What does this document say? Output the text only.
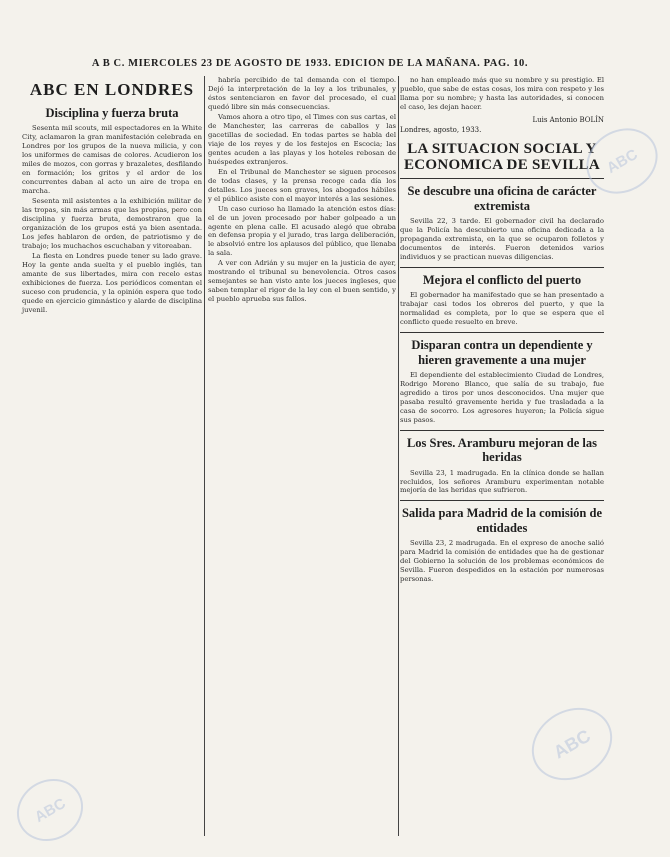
A B C. MIERCOLES 23 DE AGOSTO DE 1933. EDICION DE LA MAÑANA. PAG. 10.
ABC EN LONDRES
Disciplina y fuerza bruta

Sesenta mil scouts, mil espectadores en la White City, aclamaron la gran manifestación celebrada en Londres por los grupos de la nueva milicia, y con los uniformes de camisas de colores. Acudieron los miles de mozos, con gorras y brazaletes, desfilando en formación; los gritos y el ardor de los concurrentes daban al acto un aire de tropa en marcha.

Sesenta mil asistentes a la exhibición militar de las tropas, sin más armas que las propias, pero con disciplina y fuerza bruta, demostraron que la organización de los grupos está ya bien asentada. Los jefes hablaron de orden, de patriotismo y de trabajo; los muchachos escuchaban y vitoreaban.

La fiesta en Londres puede tener su lado grave. Hoy la gente anda suelta y el pueblo inglés, tan amante de sus libertades, mira con recelo estas exhibiciones de fuerza. Los periódicos comentan el suceso con prudencia, y la opinión espera que todo quede en ejercicio gimnástico y alarde de disciplina juvenil.

habría percibido de tal demanda con el tiempo. Dejó la interpretación de la ley a los tribunales, y éstos sentenciaron en favor del procesado, el cual quedó libre sin más consecuencias.

Vamos ahora a otro tipo, el Times con sus cartas, el de Manchester, las carreras de caballos y las gacetillas de sociedad. En todas partes se habla del viaje de los reyes y de los festejos en Escocia; las gentes acuden a las playas y los hoteles rebosan de huéspedes extranjeros.

En el Tribunal de Manchester se siguen procesos de todas clases, y la prensa recoge cada día los detalles. Los jueces son graves, los abogados hábiles y el público asiste con el mayor interés a las sesiones.

Un caso curioso ha llamado la atención estos días: el de un joven procesado por haber golpeado a un agente en plena calle. El acusado alegó que obraba en defensa propia y el jurado, tras larga deliberación, le absolvió entre los aplausos del público, que llenaba la sala.

A ver con Adrián y su mujer en la justicia de ayer, mostrando el tribunal su benevolencia. Otros casos semejantes se han visto ante los jueces ingleses, que saben templar el rigor de la ley con el buen sentido, y el pueblo aprueba sus fallos.

no han empleado más que su nombre y su prestigio. El pueblo, que sabe de estas cosas, los mira con respeto y les llama por su nombre; y hasta las autoridades, si conocen el caso, les dejan hacer.

Luis Antonio BOLÍN
Londres, agosto, 1933.
LA SITUACION SOCIAL Y ECONOMICA DE SEVILLA
Se descubre una oficina de carácter extremista

Sevilla 22, 3 tarde. El gobernador civil ha declarado que la Policía ha descubierto una oficina dedicada a la propaganda extremista, en la que se ocuparon folletos y documentos de interés. Fueron detenidos varios individuos y se practican nuevas diligencias.

Mejora el conflicto del puerto

El gobernador ha manifestado que se han presentado a trabajar casi todos los obreros del puerto, y que la normalidad es completa, por lo que se espera que el conflicto quede resuelto en breve.

Disparan contra un dependiente y hieren gravemente a una mujer

El dependiente del establecimiento Ciudad de Londres, Rodrigo Moreno Blanco, que salía de su trabajo, fue agredido a tiros por unos desconocidos. Una mujer que pasaba resultó gravemente herida y fue trasladada a la casa de socorro. Los agresores huyeron; la Policía sigue sus pasos.

Los Sres. Aramburu mejoran de las heridas

Sevilla 23, 1 madrugada. En la clínica donde se hallan recluidos, los señores Aramburu experimentan notable mejoría de las heridas que sufrieron.

Salida para Madrid de la comisión de entidades

Sevilla 23, 2 madrugada. En el expreso de anoche salió para Madrid la comisión de entidades que ha de gestionar del Gobierno la solución de los problemas económicos de Sevilla. Fueron despedidos en la estación por numerosas personas.

ABC
ABC
ABC
